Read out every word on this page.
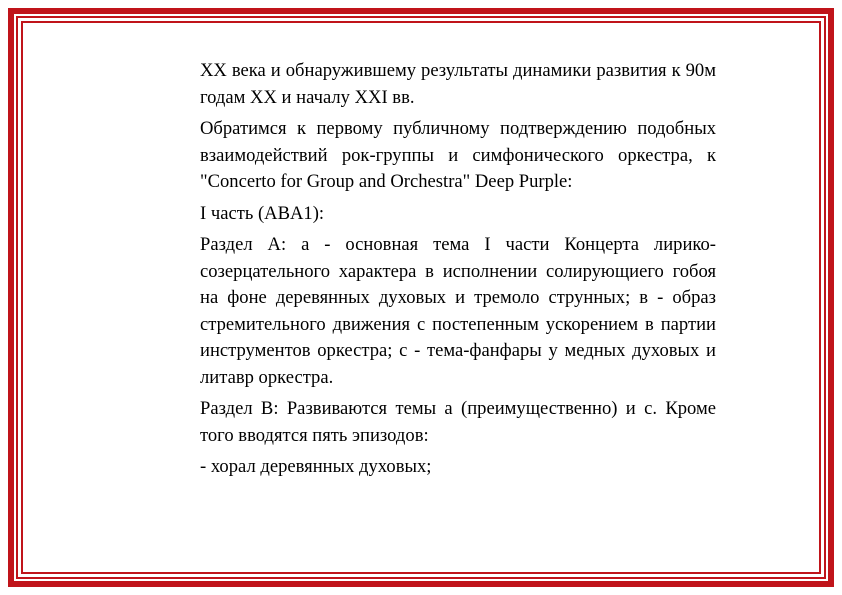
XX века и обнаружившему результаты динамики развития к 90м годам XX и началу XXI вв.

Обратимся к первому публичному подтверждению подобных взаимодействий рок-группы и симфонического оркестра, к "Concerto for Group and Orchestra" Deep Purple:

I часть (ABA1):

Раздел А: а - основная тема I части Концерта лирико-созерцательного характера в исполнении солирующиего гобоя на фоне деревянных духовых и тремоло струнных; в - образ стремительного движения с постепенным ускорением в партии инструментов оркестра; с - тема-фанфары у медных духовых и литавр оркестра.

Раздел В: Развиваются темы а (преимущественно) и с. Кроме того вводятся пять эпизодов:

- хорал деревянных духовых;
